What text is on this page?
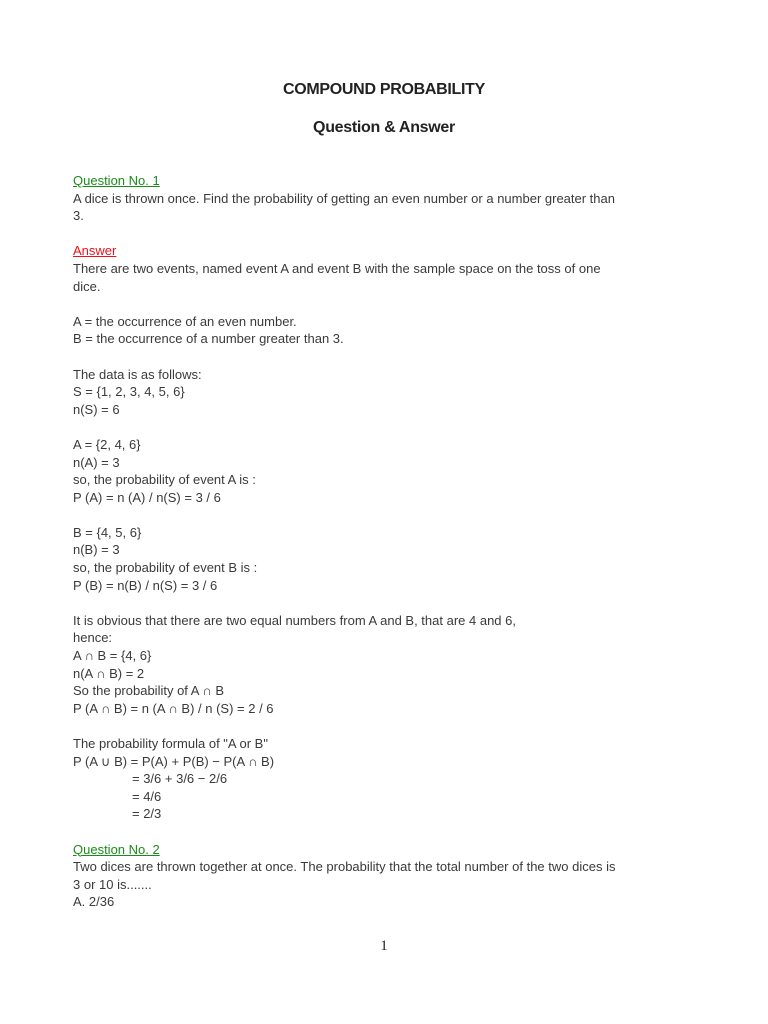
COMPOUND PROBABILITY
Question & Answer
Question No. 1
A dice is thrown once. Find the probability of getting an even number or a number greater than
3.
Answer
There are two events, named event A and event B with the sample space on the toss of one
dice.
A = the occurrence of an even number.
B = the occurrence of a number greater than 3.
The data is as follows:
S = {1, 2, 3, 4, 5, 6}
n(S) = 6
A = {2, 4, 6}
n(A) = 3
so, the probability of event A is :
P (A) = n (A) / n(S) = 3 / 6
B = {4, 5, 6}
n(B) = 3
so, the probability of event B is :
P (B) = n(B) / n(S) = 3 / 6
It is obvious that there are two equal numbers from A and B, that are 4 and 6,
hence:
A ∩ B = {4, 6}
n(A ∩ B) = 2
So the probability of A ∩ B
P (A ∩ B) = n (A ∩ B) / n (S) = 2 / 6
The probability formula of "A or B"
P (A ∪ B) = P(A) + P(B) − P(A ∩ B)
= 3/6 + 3/6 − 2/6
= 4/6
= 2/3
Question No. 2
Two dices are thrown together at once. The probability that the total number of the two dices is
3 or 10 is.......
A. 2/36
1
